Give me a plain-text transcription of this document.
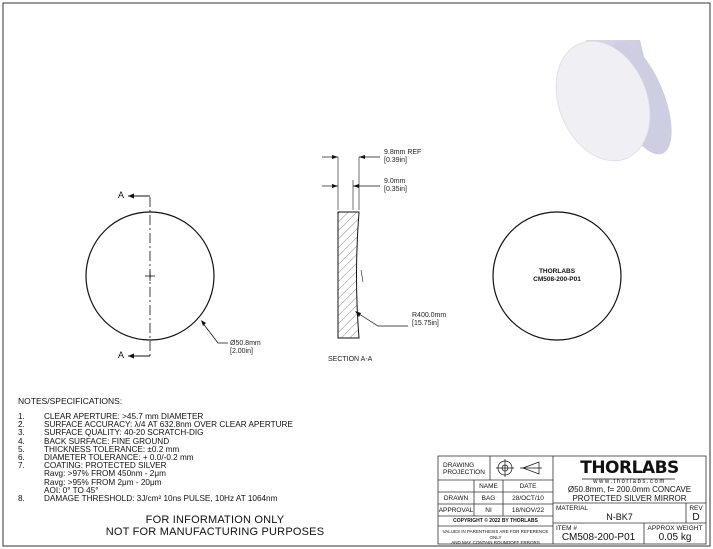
A
A
Ø50.8mm
[2.00in]
9.8mm REF
[0.39in]
9.0mm
[0.35in]
R400.0mm
[15.75in]
SECTION A-A
THORLABS
CM508-200-P01
NOTES/SPECIFICATIONS:
1. CLEAR APERTURE: >45.7 mm DIAMETER
2. SURFACE ACCURACY: λ/4 AT 632.8nm OVER CLEAR APERTURE
3. SURFACE QUALITY: 40-20 SCRATCH-DIG
4. BACK SURFACE: FINE GROUND
5. THICKNESS TOLERANCE: ±0.2 mm
6. DIAMETER TOLERANCE: + 0.0/-0.2 mm
7. COATING: PROTECTED SILVER
Ravg: >97% FROM 450nm - 2μm
Ravg: >95% FROM 2μm - 20μm
AOI: 0° TO 45°
8. DAMAGE THRESHOLD: 3J/cm² 10ns PULSE, 10Hz AT 1064nm
FOR INFORMATION ONLY
NOT FOR MANUFACTURING PURPOSES
DRAWING
PROJECTION
NAME	DATE
DRAWN	BAG	28/OCT/10
APPROVAL	NI	18/NOV/22
COPYRIGHT © 2022 BY THORLABS
VALUES IN PARENTHESIS ARE FOR REFERENCE ONLY
AND MAY CONTAIN ROUNDOFF ERRORS
THORLABS
www.thorlabs.com
Ø50.8mm, f= 200.0mm CONCAVE
PROTECTED SILVER MIRROR
MATERIAL
N-BK7
REV
D
ITEM #
CM508-200-P01
APPROX WEIGHT
0.05 kg
